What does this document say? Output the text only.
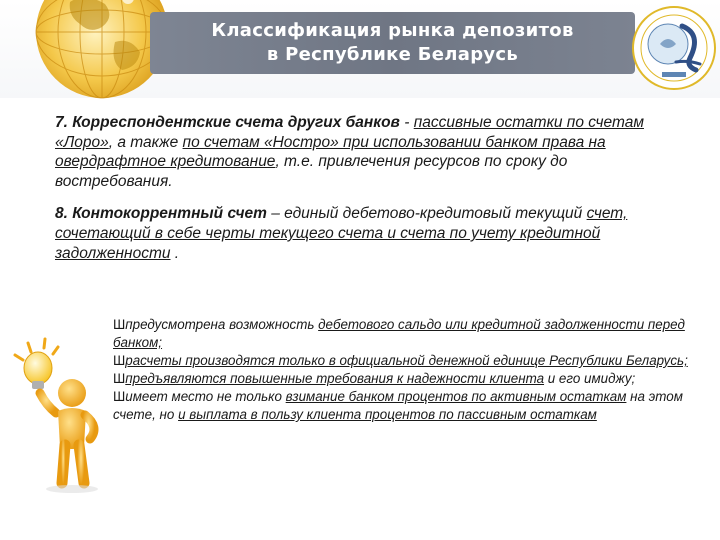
Классификация рынка депозитов
в Республике Беларусь

7. Корреспондентские счета других банков - пассивные остатки по счетам «Лоро», а также по счетам «Ностро» при использовании банком права на овердрафтное кредитование, т.е. привлечения ресурсов по сроку до востребования.

8. Контокоррентный счет – единый дебетово-кредитовый текущий счет, сочетающий в себе черты текущего счета и счета по учету кредитной задолженности .

Шпредусмотрена возможность дебетового сальдо или кредитной задолженности перед банком;
Шрасчеты производятся только в официальной денежной единице Республики Беларусь;
Шпредъявляются повышенные требования к надежности клиента и его имиджу;
Шимеет место не только взимание банком процентов по активным остаткам на этом счете, но и выплата в пользу клиента процентов по пассивным остаткам
